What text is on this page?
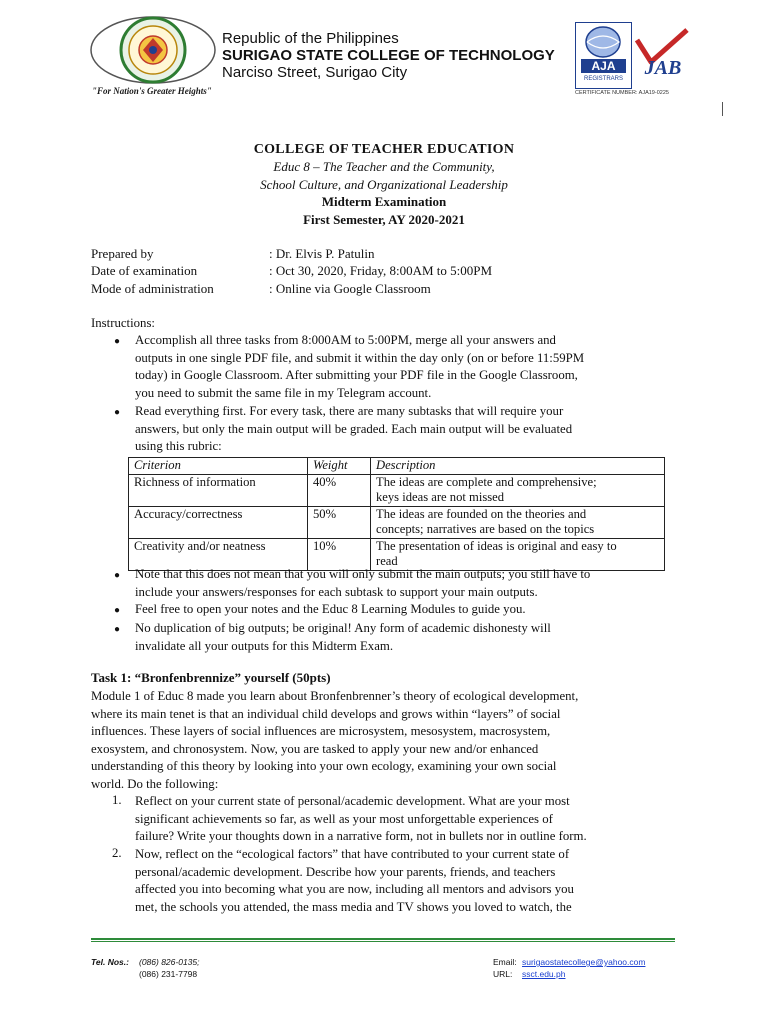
"For Nation's Greater Heights"
Republic of the Philippines
SURIGAO STATE COLLEGE OF TECHNOLOGY
Narciso Street, Surigao City	AJA
REGISTRARS JAB
CERTIFICATE NUMBER: AJA19-0225
COLLEGE OF TEACHER EDUCATION
Educ 8 – The Teacher and the Community,
School Culture, and Organizational Leadership
Midterm Examination
First Semester, AY 2020-2021
Prepared by	: Dr. Elvis P. Patulin
Date of examination	: Oct 30, 2020, Friday, 8:00AM to 5:00PM
Mode of administration	: Online via Google Classroom
Instructions:
● Accomplish all three tasks from 8:000AM to 5:00PM, merge all your answers and
outputs in one single PDF file, and submit it within the day only (on or before 11:59PM
today) in Google Classroom. After submitting your PDF file in the Google Classroom,
you need to submit the same file in my Telegram account.
● Read everything first. For every task, there are many subtasks that will require your
answers, but only the main output will be graded. Each main output will be evaluated
using this rubric:
Criterion	Weight	Description
Richness of information	40%	The ideas are complete and comprehensive;
keys ideas are not missed

Accuracy/correctness	50%	The ideas are founded on the theories and
concepts; narratives are based on the topics

Creativity and/or neatness	10%	The presentation of ideas is original and easy to
read
● Note that this does not mean that you will only submit the main outputs; you still have to
include your answers/responses for each subtask to support your main outputs.
● Feel free to open your notes and the Educ 8 Learning Modules to guide you.
● No duplication of big outputs; be original! Any form of academic dishonesty will
invalidate all your outputs for this Midterm Exam.
Task 1: “Bronfenbrennize” yourself (50pts)
Module 1 of Educ 8 made you learn about Bronfenbrenner’s theory of ecological development,
where its main tenet is that an individual child develops and grows within “layers” of social
influences. These layers of social influences are microsystem, mesosystem, macrosystem,
exosystem, and chronosystem. Now, you are tasked to apply your new and/or enhanced
understanding of this theory by looking into your own ecology, examining your own social
world. Do the following:
1. Reflect on your current state of personal/academic development. What are your most
significant achievements so far, as well as your most unforgettable experiences of
failure? Write your thoughts down in a narrative form, not in bullets nor in outline form.
2. Now, reflect on the “ecological factors” that have contributed to your current state of
personal/academic development. Describe how your parents, friends, and teachers
affected you into becoming what you are now, including all mentors and advisors you
met, the schools you attended, the mass media and TV shows you loved to watch, the
Tel. Nos.: (086) 826-0135;
(086) 231-7798
Email: surigaostatecollege@yahoo.com
URL: ssct.edu.ph
